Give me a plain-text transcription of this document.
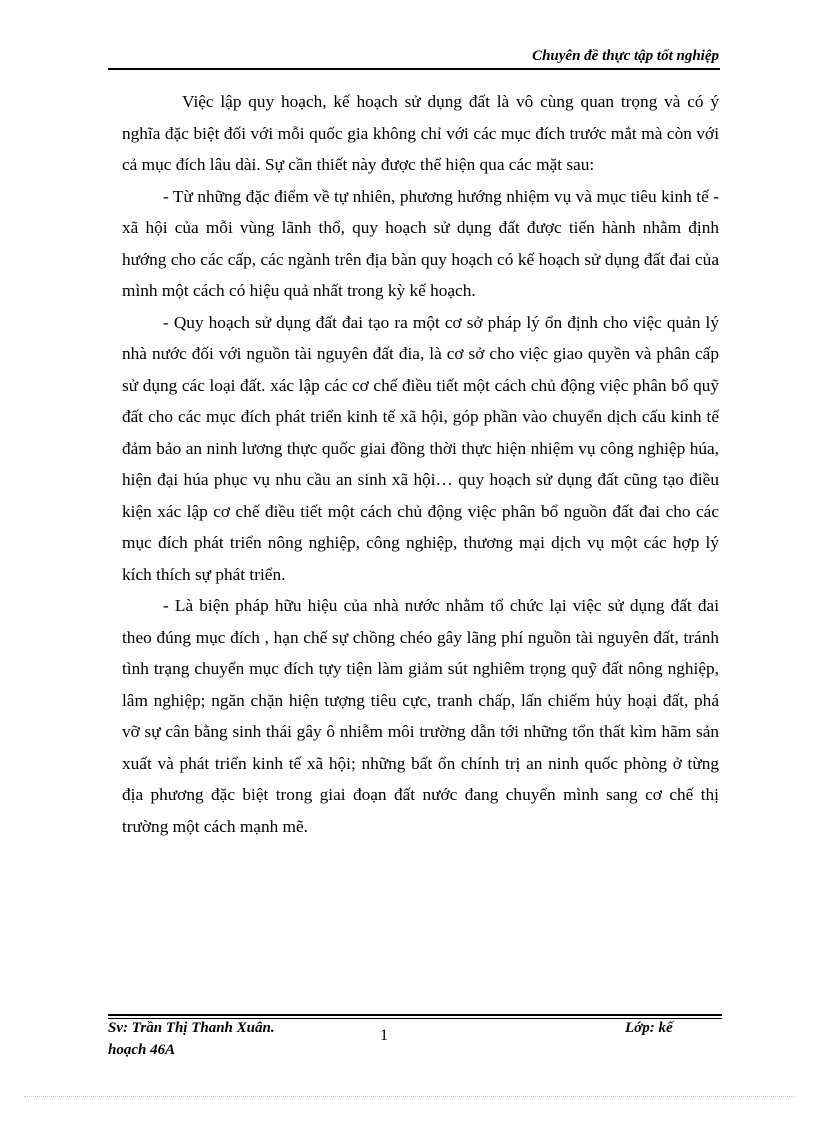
Chuyên đề thực tập tốt nghiệp

Việc lập quy hoạch, kế hoạch sử dụng đất là vô cùng quan trọng và có ý nghĩa đặc biệt đối với mỗi quốc gia không chỉ với các mục đích trước mắt mà còn với cả mục đích lâu dài. Sự cần thiết này được thể hiện qua các mặt sau:

- Từ những đặc điểm về tự nhiên, phương hướng nhiệm vụ và mục tiêu kinh tế - xã hội của mỗi vùng lãnh thổ, quy hoạch sử dụng đất được tiến hành nhằm định hướng cho các cấp, các ngành trên địa bàn quy hoạch có kế hoạch sử dụng đất đai của mình một cách có hiệu quả nhất trong kỳ kế hoạch.

- Quy hoạch sử dụng đất đai tạo ra một cơ sở pháp lý ổn định cho việc quản lý nhà nước đối với nguồn tài nguyên đất đia, là cơ sở cho việc giao quyền và phân cấp sử dụng các loại đất. xác lập các cơ chế điều tiết một cách chủ động việc phân bổ quỹ đất cho các mục đích phát triển kinh tế xã hội, góp phần vào chuyển dịch cấu kinh tế đảm bảo an ninh lương thực quốc giai đồng thời thực hiện nhiệm vụ công nghiệp húa, hiện đại húa phục vụ nhu cầu an sinh xã hội… quy hoạch sử dụng đất cũng tạo điều kiện xác lập cơ chế điều tiết một cách chủ động việc phân bổ nguồn đất đai cho các mục đích phát triển nông nghiệp, công nghiệp, thương mại dịch vụ một các hợp lý kích thích sự phát triển.

- Là biện pháp hữu hiệu của nhà nước nhằm tổ chức lại việc sử dụng đất đai theo đúng mục đích , hạn chế sự chồng chéo gây lãng phí nguồn tài nguyên đất, tránh tình trạng chuyển mục đích tựy tiện làm giảm sút nghiêm trọng quỹ đất nông nghiệp, lâm nghiệp; ngăn chặn hiện tượng tiêu cực, tranh chấp, lấn chiếm hủy hoại đất, phá vỡ sự cân bằng sinh thái gây ô nhiễm môi trường dẫn tới những tổn thất kìm hãm sản xuất và phát triển kinh tế xã hội; những bất ổn chính trị an ninh quốc phòng ở từng địa phương đặc biệt trong giai đoạn đất nước đang chuyển mình sang cơ chế thị trường một cách mạnh mẽ.

Sv: Trần Thị Thanh Xuân.	1	Lớp: kế
hoạch 46A
